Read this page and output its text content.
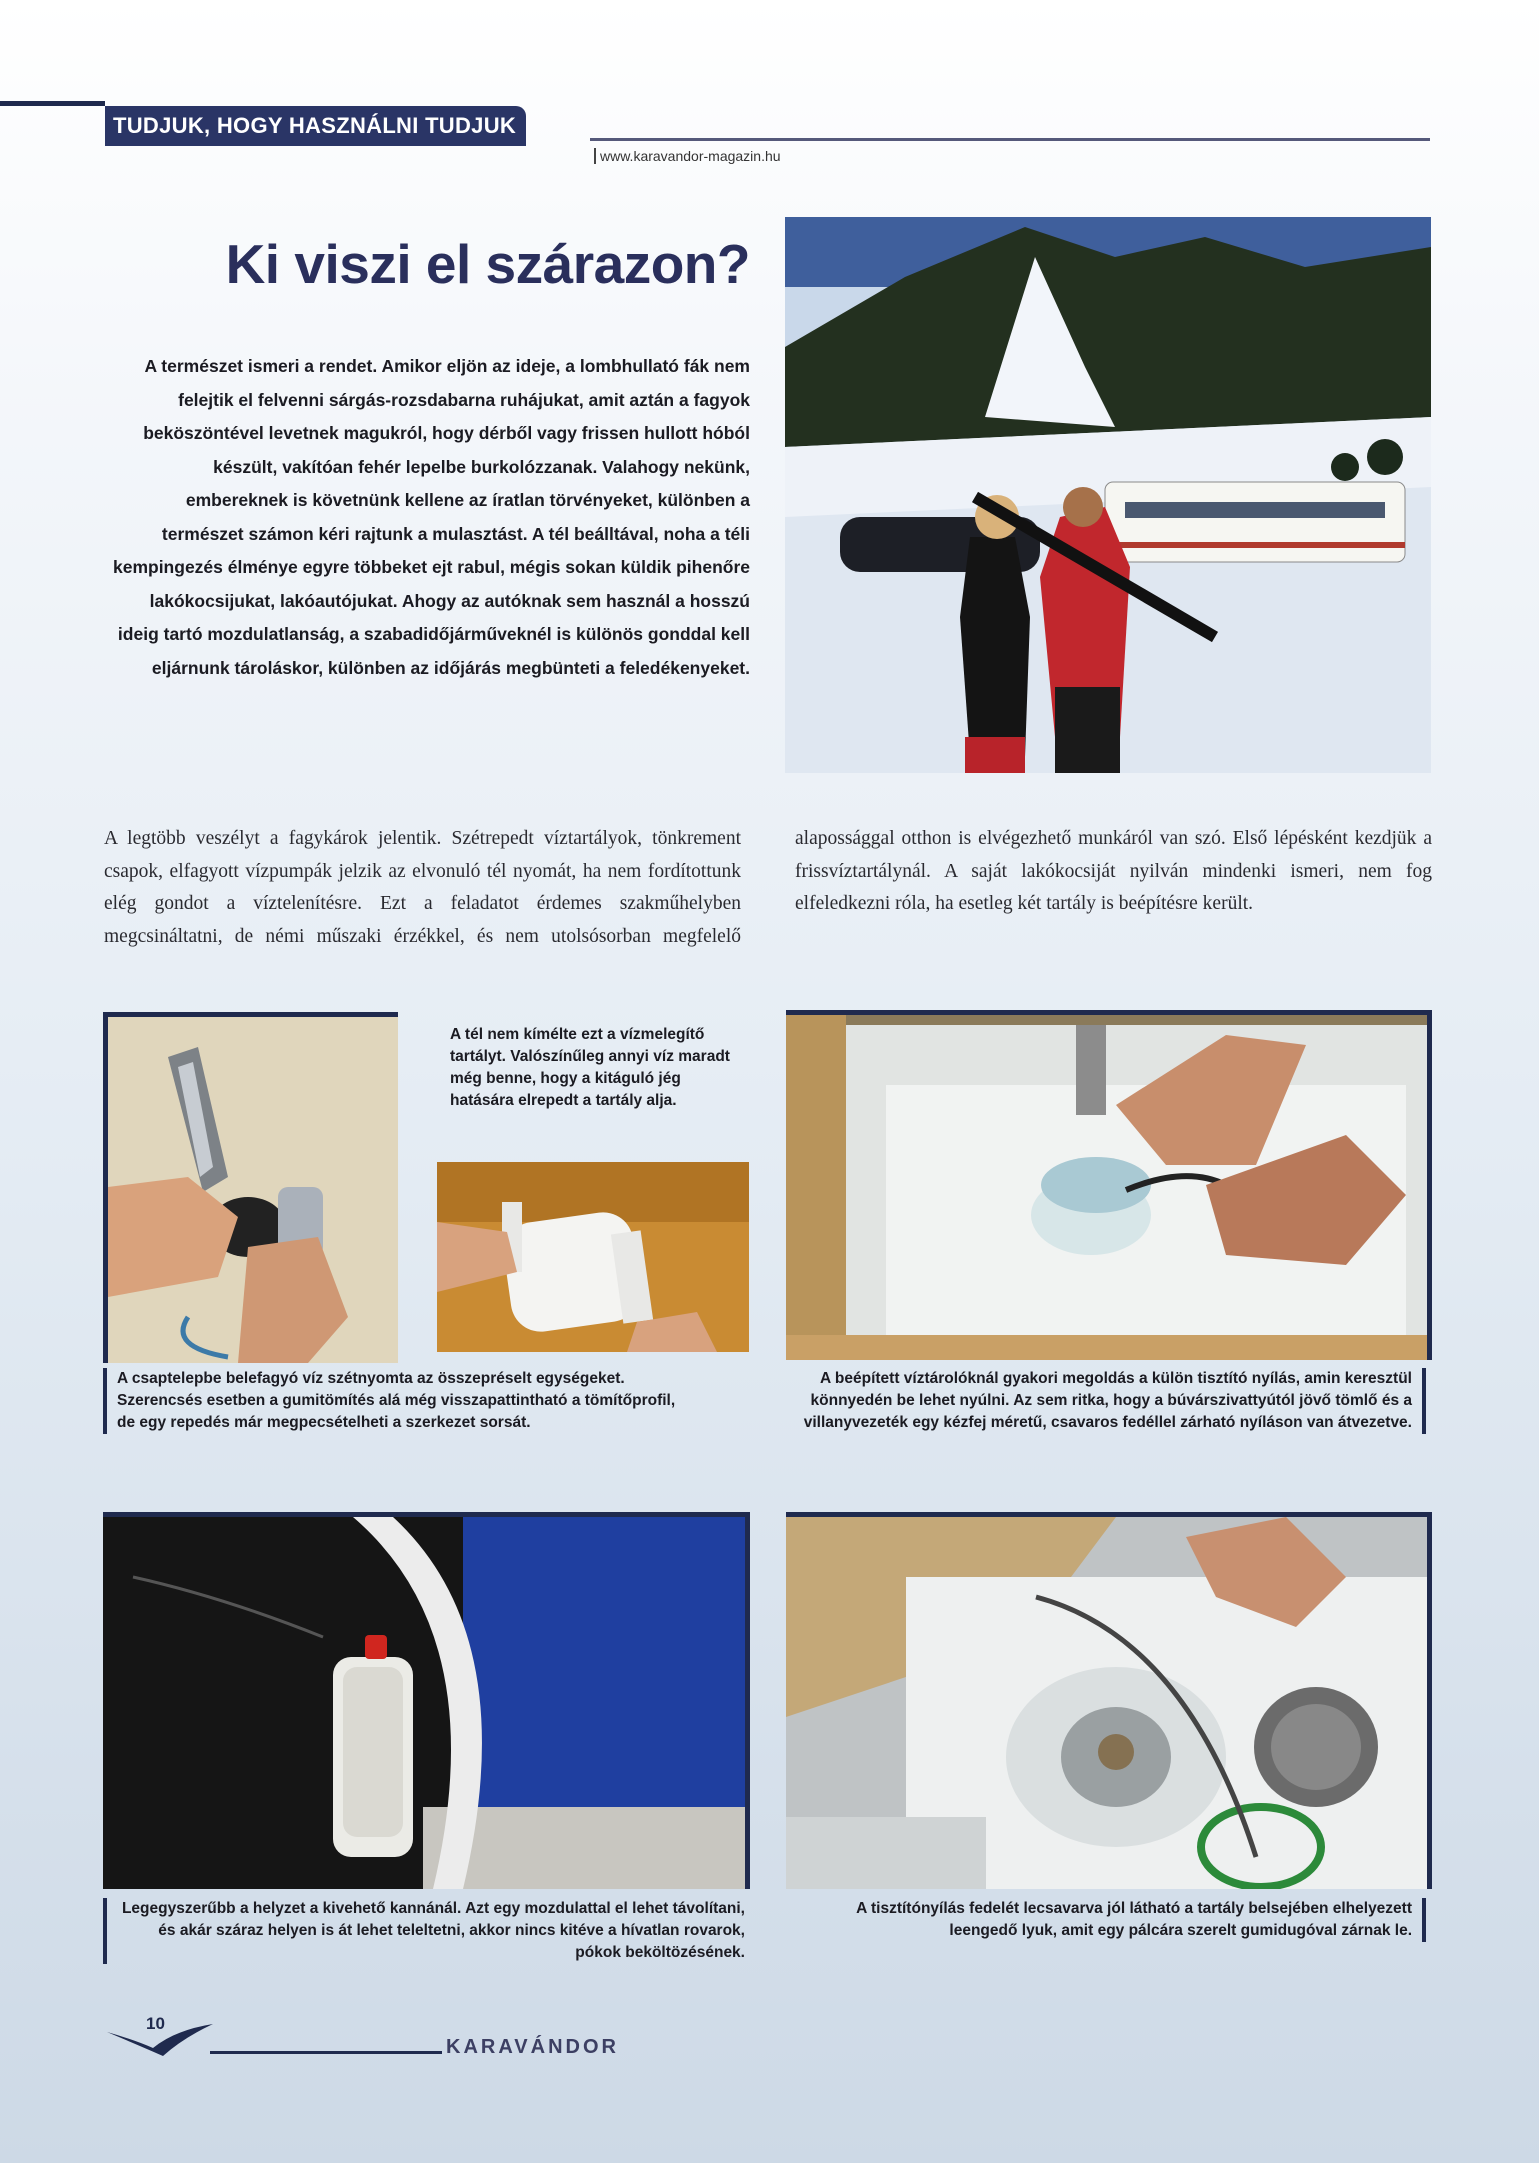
TUDJUK, HOGY HASZNÁLNI TUDJUK
www.karavandor-magazin.hu
Ki viszi el szárazon?
A természet ismeri a rendet. Amikor eljön az ideje, a lombhullató fák nem felejtik el felvenni sárgás-rozsdabarna ruhájukat, amit aztán a fagyok beköszöntével levetnek magukról, hogy dérből vagy frissen hullott hóból készült, vakítóan fehér lepelbe burkolózzanak. Valahogy nekünk, embereknek is követnünk kellene az íratlan törvényeket, különben a természet számon kéri rajtunk a mulasztást. A tél beálltával, noha a téli kempingezés élménye egyre többeket ejt rabul, mégis sokan küldik pihenőre lakókocsijukat, lakóautójukat. Ahogy az autóknak sem használ a hosszú ideig tartó mozdulatlanság, a szabadidőjárműveknél is különös gonddal kell eljárnunk tároláskor, különben az időjárás megbünteti a feledékenyeket.
A legtöbb veszélyt a fagykárok jelentik. Szétrepedt víztartályok, tönkrement csapok, elfagyott vízpumpák jelzik az elvonuló tél nyomát, ha nem fordítottunk elég gondot a víztelenítésre. Ezt a feladatot érdemes szakműhelyben megcsináltatni, de némi műszaki érzékkel, és nem utolsósorban megfelelő alapossággal otthon is elvégezhető munkáról van szó. Első lépésként kezdjük a frissvíztartálynál. A saját lakókocsiját nyilván mindenki ismeri, nem fog elfeledkezni róla, ha esetleg két tartály is beépítésre került.
A tél nem kímélte ezt a vízmelegítő tartályt. Valószínűleg annyi víz maradt még benne, hogy a kitáguló jég hatására elrepedt a tartály alja.
A csaptelepbe belefagyó víz szétnyomta az összepréselt egységeket. Szerencsés esetben a gumitömítés alá még visszapattintható a tömítőprofil, de egy repedés már megpecsételheti a szerkezet sorsát.
A beépített víztárolóknál gyakori megoldás a külön tisztító nyílás, amin keresztül könnyedén be lehet nyúlni. Az sem ritka, hogy a búvárszivattyútól jövő tömlő és a villanyvezeték egy kézfej méretű, csavaros fedéllel zárható nyíláson van átvezetve.
Legegyszerűbb a helyzet a kivehető kannánál. Azt egy mozdulattal el lehet távolítani, és akár száraz helyen is át lehet teleltetni, akkor nincs kitéve a hívatlan rovarok, pókok beköltözésének.
A tisztítónyílás fedelét lecsavarva jól látható a tartály belsejében elhelyezett leengedő lyuk, amit egy pálcára szerelt gumidugóval zárnak le.
10
KARAVÁNDOR
